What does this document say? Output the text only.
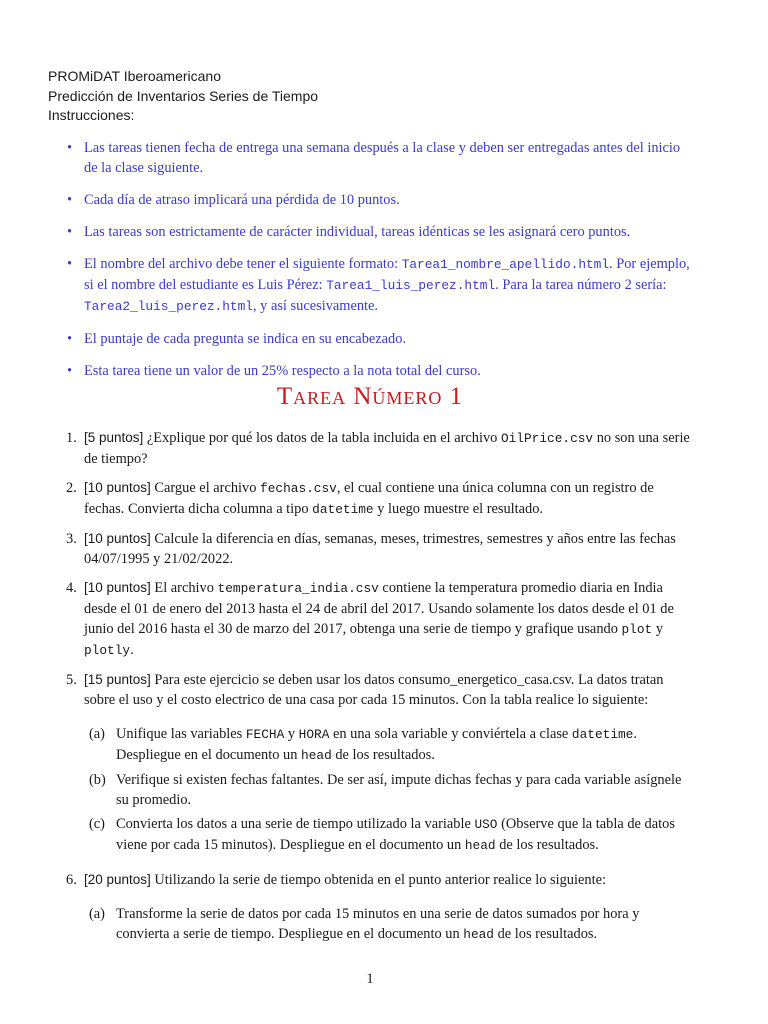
PROMiDAT Iberoamericano
Predicción de Inventarios Series de Tiempo
Instrucciones:
• Las tareas tienen fecha de entrega una semana después a la clase y deben ser entregadas antes del inicio de la clase siguiente.
• Cada día de atraso implicará una pérdida de 10 puntos.
• Las tareas son estrictamente de carácter individual, tareas idénticas se les asignará cero puntos.
• El nombre del archivo debe tener el siguiente formato: Tarea1_nombre_apellido.html. Por ejemplo, si el nombre del estudiante es Luis Pérez: Tarea1_luis_perez.html. Para la tarea número 2 sería: Tarea2_luis_perez.html, y así sucesivamente.
• El puntaje de cada pregunta se indica en su encabezado.
• Esta tarea tiene un valor de un 25% respecto a la nota total del curso.
Tarea Número 1
1. [5 puntos] ¿Explique por qué los datos de la tabla incluida en el archivo OilPrice.csv no son una serie de tiempo?
2. [10 puntos] Cargue el archivo fechas.csv, el cual contiene una única columna con un registro de fechas. Convierta dicha columna a tipo datetime y luego muestre el resultado.
3. [10 puntos] Calcule la diferencia en días, semanas, meses, trimestres, semestres y años entre las fechas 04/07/1995 y 21/02/2022.
4. [10 puntos] El archivo temperatura_india.csv contiene la temperatura promedio diaria en India desde el 01 de enero del 2013 hasta el 24 de abril del 2017. Usando solamente los datos desde el 01 de junio del 2016 hasta el 30 de marzo del 2017, obtenga una serie de tiempo y grafique usando plot y plotly.
5. [15 puntos] Para este ejercicio se deben usar los datos consumo_energetico_casa.csv. La datos tratan sobre el uso y el costo electrico de una casa por cada 15 minutos. Con la tabla realice lo siguiente:
(a) Unifique las variables FECHA y HORA en una sola variable y conviértela a clase datetime. Despliegue en el documento un head de los resultados.
(b) Verifique si existen fechas faltantes. De ser así, impute dichas fechas y para cada variable asígnele su promedio.
(c) Convierta los datos a una serie de tiempo utilizado la variable USO (Observe que la tabla de datos viene por cada 15 minutos). Despliegue en el documento un head de los resultados.
6. [20 puntos] Utilizando la serie de tiempo obtenida en el punto anterior realice lo siguiente:
(a) Transforme la serie de datos por cada 15 minutos en una serie de datos sumados por hora y convierta a serie de tiempo. Despliegue en el documento un head de los resultados.
1
